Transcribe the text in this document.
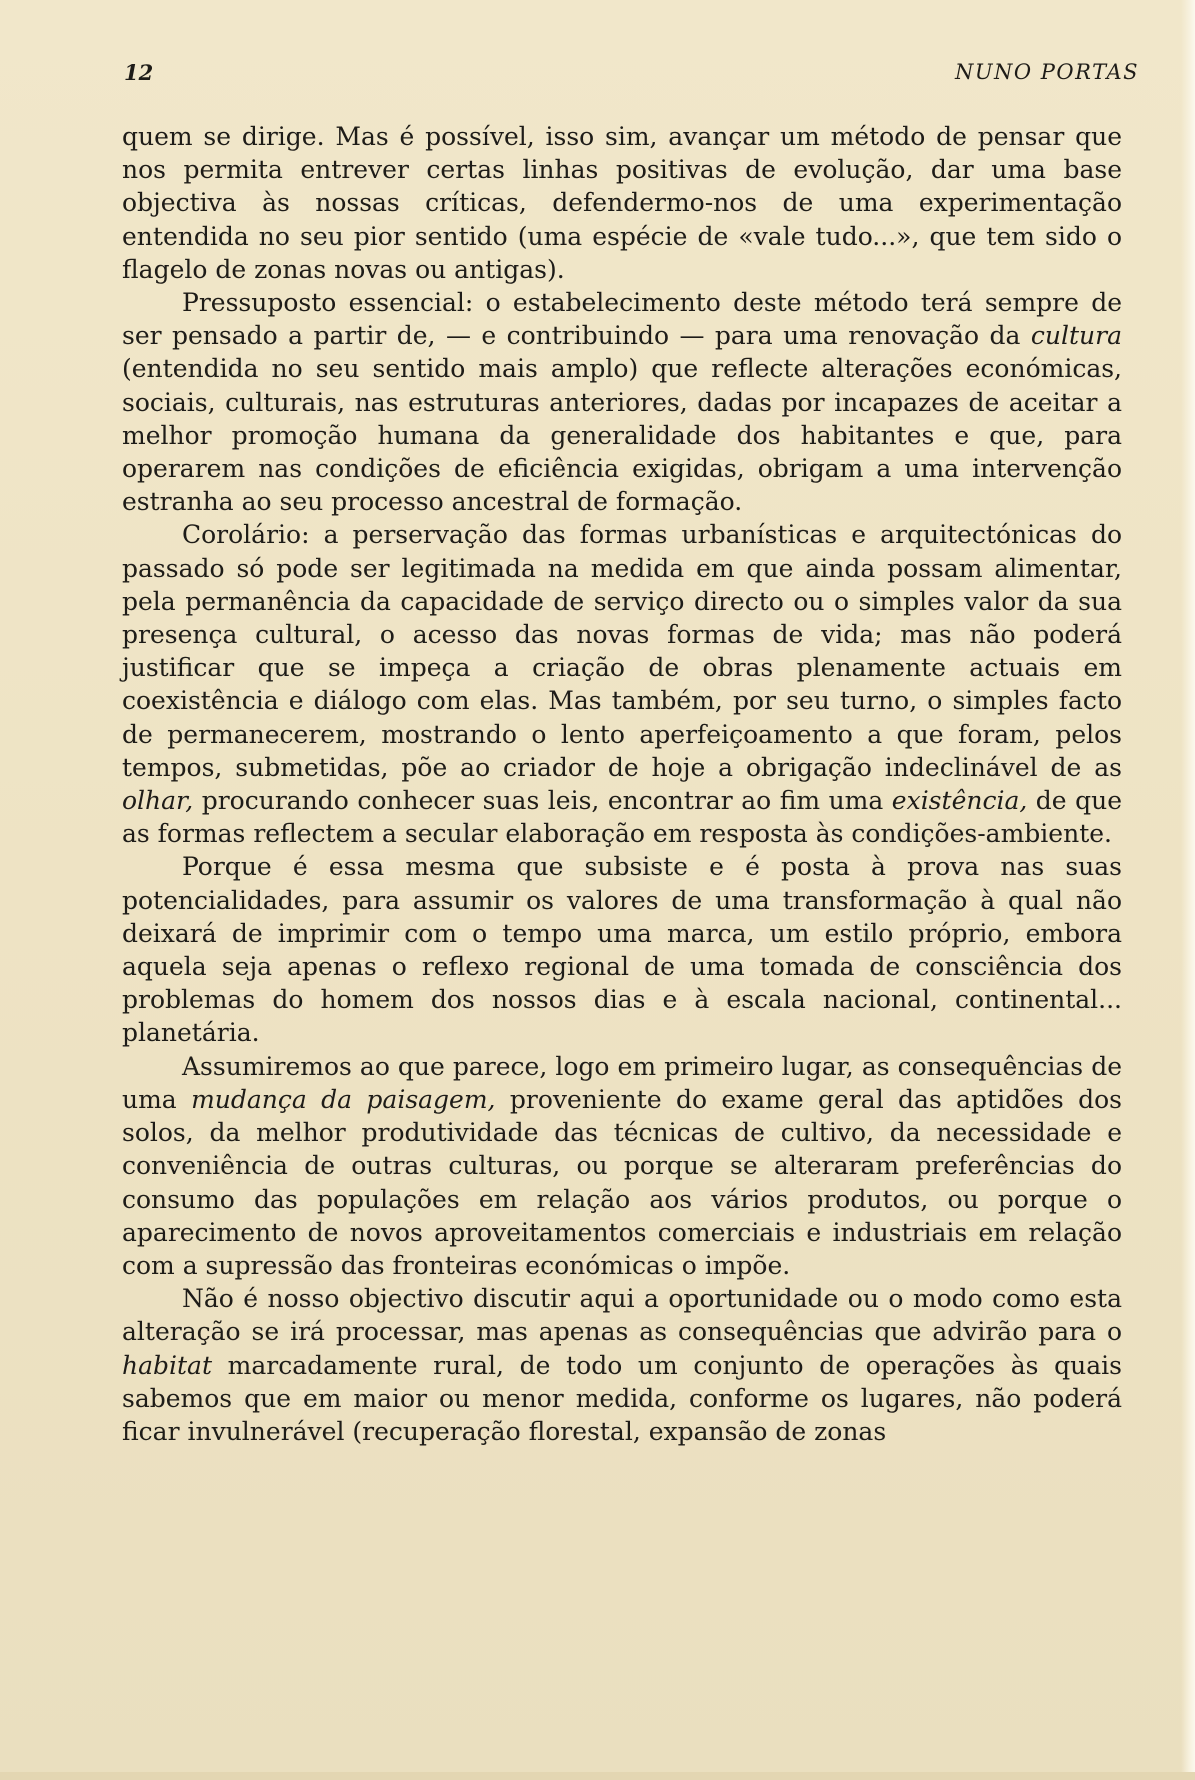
12	NUNO PORTAS

quem se dirige. Mas é possível, isso sim, avançar um método de pensar que nos permita entrever certas linhas positivas de evolução, dar uma base objectiva às nossas críticas, defendermo-nos de uma experimentação entendida no seu pior sentido (uma espécie de «vale tudo...», que tem sido o flagelo de zonas novas ou antigas).

Pressuposto essencial: o estabelecimento deste método terá sempre de ser pensado a partir de, — e contribuindo — para uma renovação da cultura (entendida no seu sentido mais amplo) que reflecte alterações económicas, sociais, culturais, nas estruturas anteriores, dadas por incapazes de aceitar a melhor promoção humana da generalidade dos habitantes e que, para operarem nas condições de eficiência exigidas, obrigam a uma intervenção estranha ao seu processo ancestral de formação.

Corolário: a perservação das formas urbanísticas e arquitectónicas do passado só pode ser legitimada na medida em que ainda possam alimentar, pela permanência da capacidade de serviço directo ou o simples valor da sua presença cultural, o acesso das novas formas de vida; mas não poderá justificar que se impeça a criação de obras plenamente actuais em coexistência e diálogo com elas. Mas também, por seu turno, o simples facto de permanecerem, mostrando o lento aperfeiçoamento a que foram, pelos tempos, submetidas, põe ao criador de hoje a obrigação indeclinável de as olhar, procurando conhecer suas leis, encontrar ao fim uma existência, de que as formas reflectem a secular elaboração em resposta às condições-ambiente.

Porque é essa mesma que subsiste e é posta à prova nas suas potencialidades, para assumir os valores de uma transformação à qual não deixará de imprimir com o tempo uma marca, um estilo próprio, embora aquela seja apenas o reflexo regional de uma tomada de consciência dos problemas do homem dos nossos dias e à escala nacional, continental... planetária.

Assumiremos ao que parece, logo em primeiro lugar, as consequências de uma mudança da paisagem, proveniente do exame geral das aptidões dos solos, da melhor produtividade das técnicas de cultivo, da necessidade e conveniência de outras culturas, ou porque se alteraram preferências do consumo das populações em relação aos vários produtos, ou porque o aparecimento de novos aproveitamentos comerciais e industriais em relação com a supressão das fronteiras económicas o impõe.

Não é nosso objectivo discutir aqui a oportunidade ou o modo como esta alteração se irá processar, mas apenas as consequências que advirão para o habitat marcadamente rural, de todo um conjunto de operações às quais sabemos que em maior ou menor medida, conforme os lugares, não poderá ficar invulnerável (recuperação florestal, expansão de zonas
